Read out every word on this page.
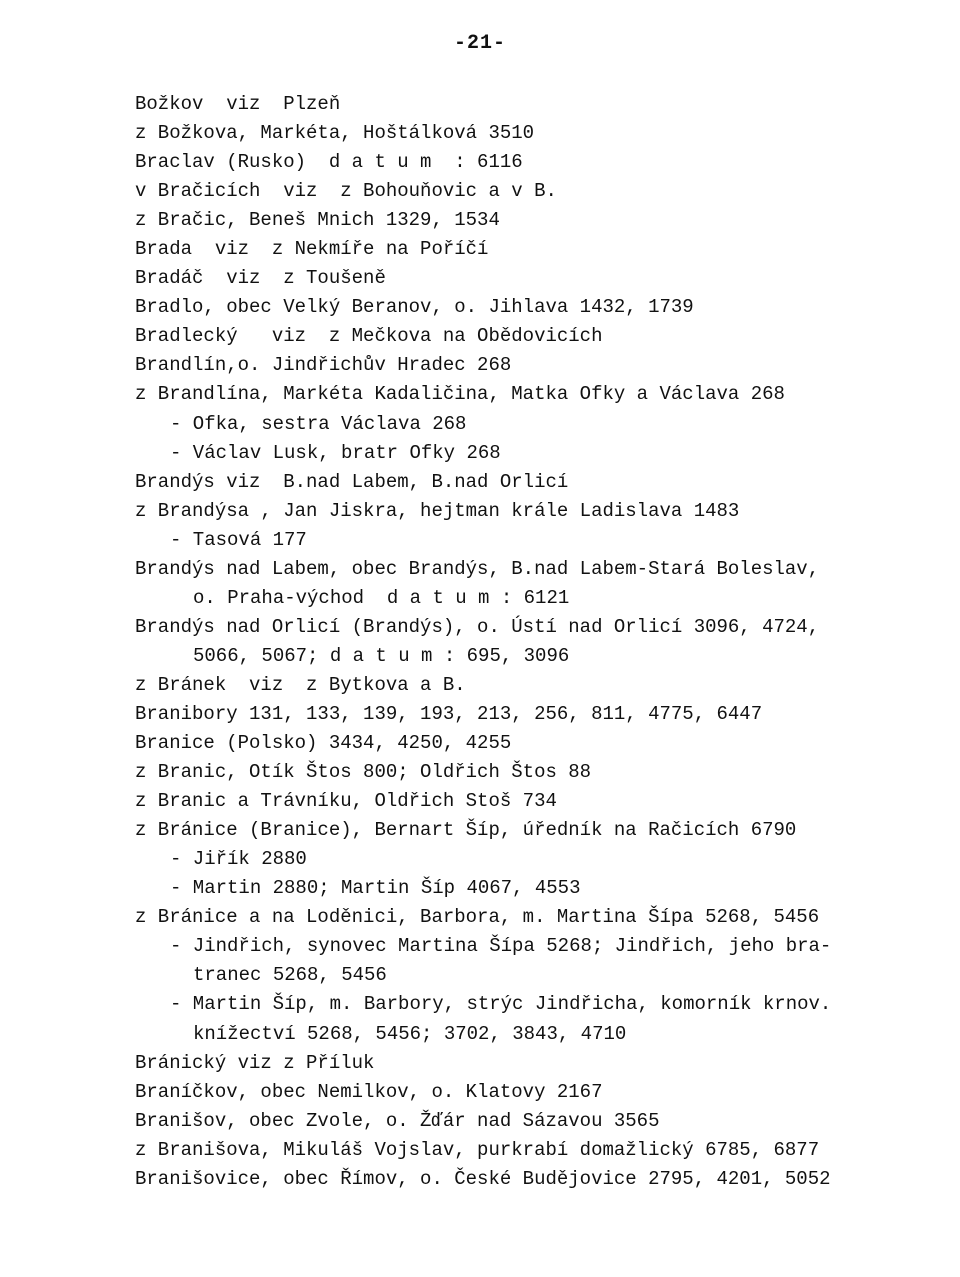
-21-
Božkov  viz  Plzeň
z Božkova, Markéta, Hoštálková 3510
Braclav (Rusko)  d a t u m  : 6116
v Bračicích  viz  z Bohouňovic a v B.
z Bračic, Beneš Mnich 1329, 1534
Brada  viz  z Nekmíře na Poříčí
Bradáč  viz  z Toušeně
Bradlo, obec Velký Beranov, o. Jihlava 1432, 1739
Bradlecký   viz  z Mečkova na Obědovicích
Brandlín,o. Jindřichův Hradec 268
z Brandlína, Markéta Kadaličina, Matka Ofky a Václava 268
- Ofka, sestra Václava 268
- Václav Lusk, bratr Ofky 268
Brandýs viz  B.nad Labem, B.nad Orlicí
z Brandýsa , Jan Jiskra, hejtman krále Ladislava 1483
- Tasová 177
Brandýs nad Labem, obec Brandýs, B.nad Labem-Stará Boleslav,
o. Praha-východ  d a t u m : 6121
Brandýs nad Orlicí (Brandýs), o. Ústí nad Orlicí 3096, 4724,
5066, 5067; d a t u m : 695, 3096
z Bránek  viz  z Bytkova a B.
Branibory 131, 133, 139, 193, 213, 256, 811, 4775, 6447
Branice (Polsko) 3434, 4250, 4255
z Branic, Otík Štos 800; Oldřich Štos 88
z Branic a Trávníku, Oldřich Stoš 734
z Bránice (Branice), Bernart Šíp, úředník na Račicích 6790
- Jiřík 2880
- Martin 2880; Martin Šíp 4067, 4553
z Bránice a na Loděnici, Barbora, m. Martina Šípa 5268, 5456
- Jindřich, synovec Martina Šípa 5268; Jindřich, jeho bra-
tranec 5268, 5456
- Martin Šíp, m. Barbory, strýc Jindřicha, komorník krnov.
knížectví 5268, 5456; 3702, 3843, 4710
Bránický viz z Příluk
Braníčkov, obec Nemilkov, o. Klatovy 2167
Branišov, obec Zvole, o. Žďár nad Sázavou 3565
z Branišova, Mikuláš Vojslav, purkrabí domažlický 6785, 6877
Branišovice, obec Římov, o. České Budějovice 2795, 4201, 5052
